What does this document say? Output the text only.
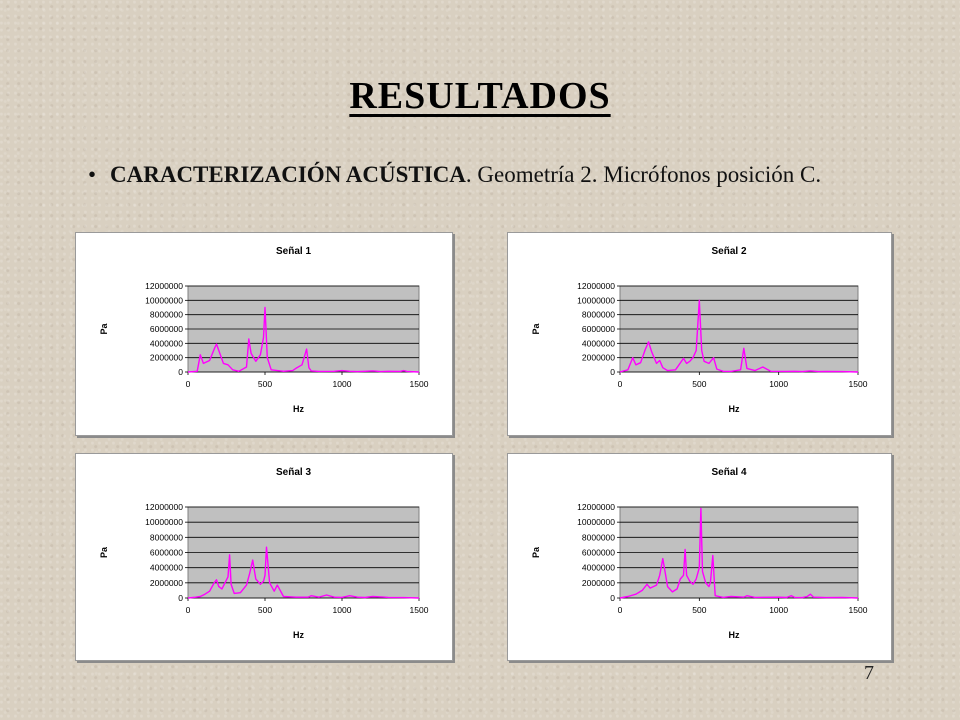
RESULTADOS
• CARACTERIZACIÓN ACÚSTICA. Geometría 2. Micrófonos posición C.
Señal 1
0
2000000
4000000
6000000
8000000
10000000
12000000
0	500	1000	1500
Hz
Pa
Señal 2
0
2000000
4000000
6000000
8000000
10000000
12000000
0	500	1000	1500
Hz
Pa
Señal 3
0
2000000
4000000
6000000
8000000
10000000
12000000
0	500	1000	1500
Hz
Pa
Señal 4
0
2000000
4000000
6000000
8000000
10000000
12000000
0	500	1000	1500
Hz
Pa
7
